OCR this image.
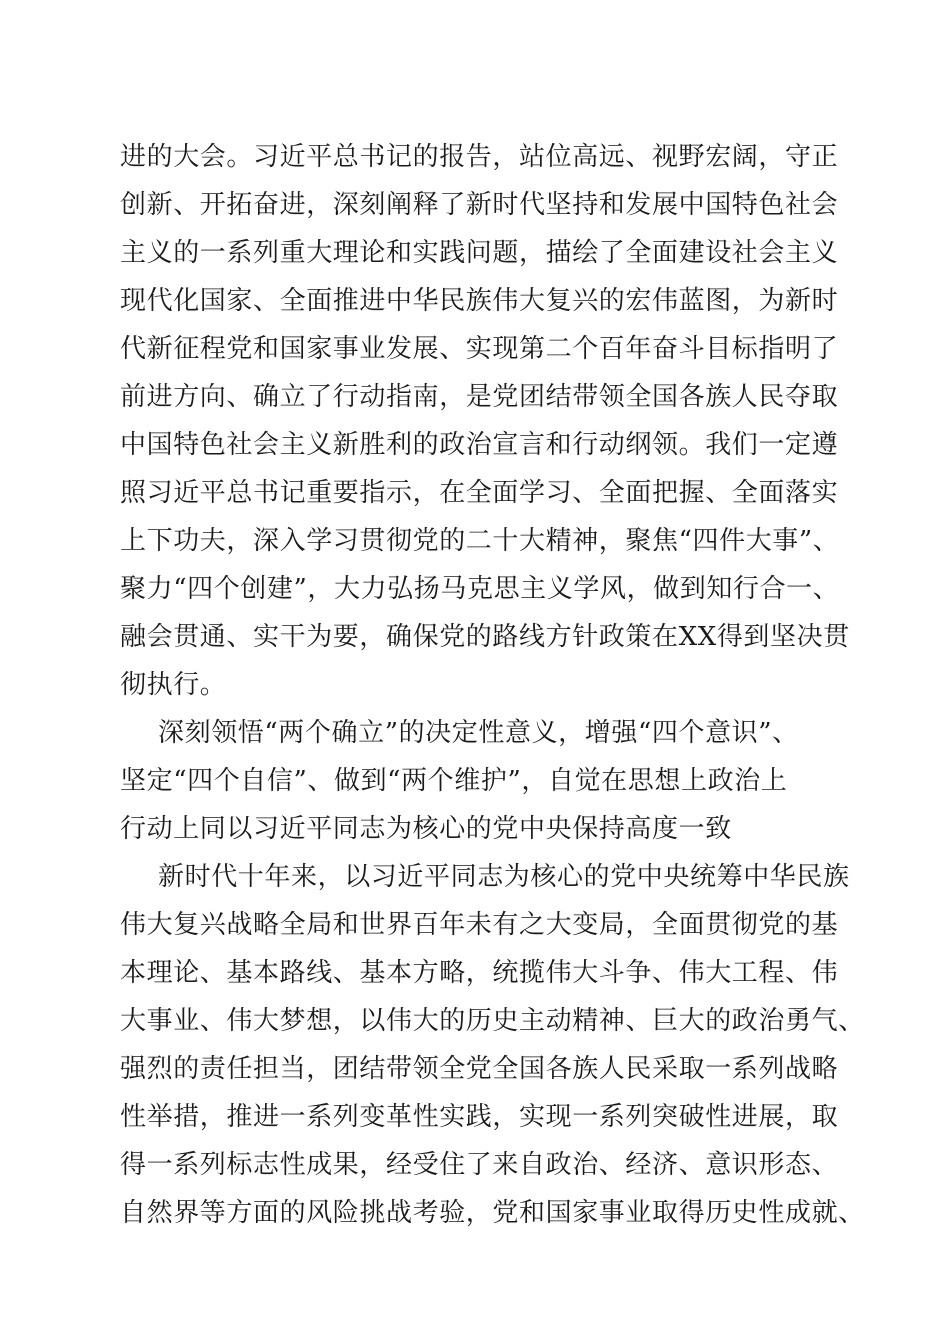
进的大会。习近平总书记的报告，站位高远、视野宏阔，守正
创新、开拓奋进，深刻阐释了新时代坚持和发展中国特色社会
主义的一系列重大理论和实践问题，描绘了全面建设社会主义
现代化国家、全面推进中华民族伟大复兴的宏伟蓝图，为新时
代新征程党和国家事业发展、实现第二个百年奋斗目标指明了
前进方向、确立了行动指南，是党团结带领全国各族人民夺取
中国特色社会主义新胜利的政治宣言和行动纲领。我们一定遵
照习近平总书记重要指示，在全面学习、全面把握、全面落实
上下功夫，深入学习贯彻党的二十大精神，聚焦“四件大事”、
聚力“四个创建”，大力弘扬马克思主义学风，做到知行合一、
融会贯通、实干为要，确保党的路线方针政策在XX得到坚决贯
彻执行。
深刻领悟“两个确立”的决定性意义，增强“四个意识”、
坚定“四个自信”、做到“两个维护”，自觉在思想上政治上
行动上同以习近平同志为核心的党中央保持高度一致
新时代十年来，以习近平同志为核心的党中央统筹中华民族
伟大复兴战略全局和世界百年未有之大变局，全面贯彻党的基
本理论、基本路线、基本方略，统揽伟大斗争、伟大工程、伟
大事业、伟大梦想，以伟大的历史主动精神、巨大的政治勇气、
强烈的责任担当，团结带领全党全国各族人民采取一系列战略
性举措，推进一系列变革性实践，实现一系列突破性进展，取
得一系列标志性成果，经受住了来自政治、经济、意识形态、
自然界等方面的风险挑战考验，党和国家事业取得历史性成就、
